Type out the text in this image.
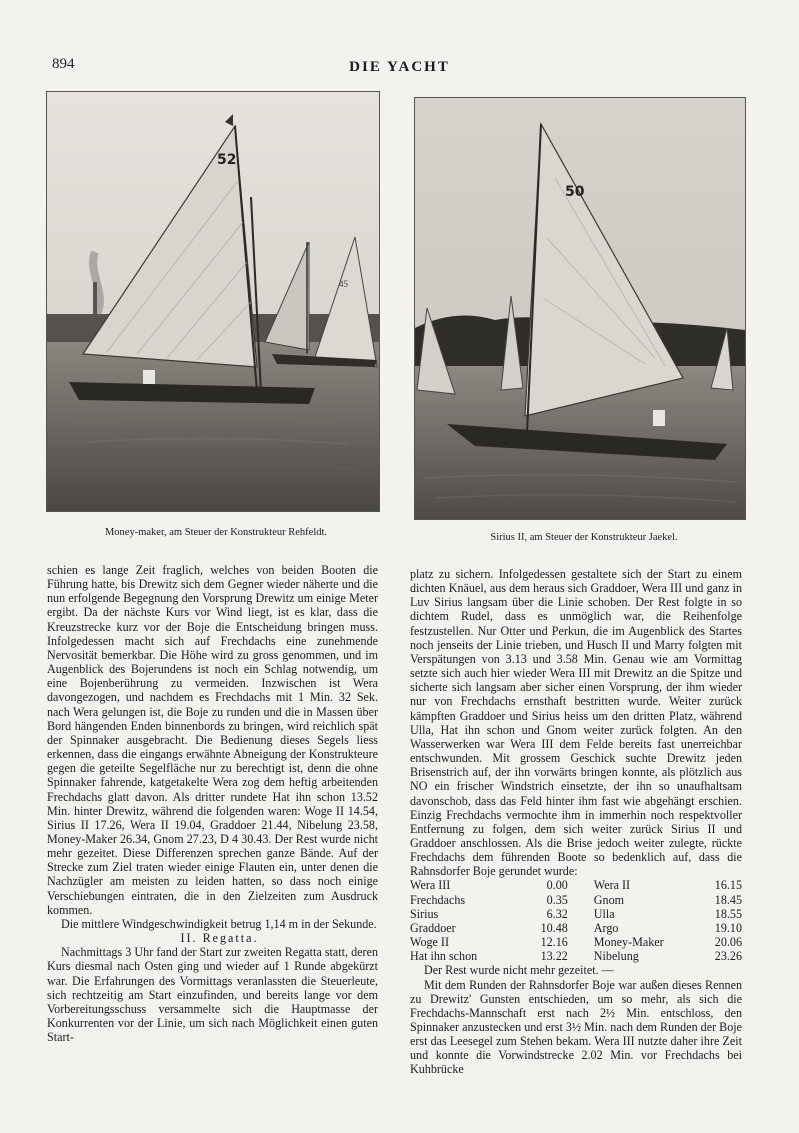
894	DIE YACHT
45
52
50
Money-maker, am Steuer der Konstrukteur Rehfeldt.	Sirius II, am Steuer der Konstrukteur Jaekel.

schien es lange Zeit fraglich, welches von beiden Booten die Führung hatte, bis Drewitz sich dem Gegner wieder näherte und die nun erfolgende Begegnung den Vorsprung Drewitz um einige Meter ergibt. Da der nächste Kurs vor Wind liegt, ist es klar, dass die Kreuzstrecke kurz vor der Boje die Entscheidung bringen muss. Infolgedessen macht sich auf Frechdachs eine zunehmende Nervosität bemerkbar. Die Höhe wird zu gross genommen, und im Augenblick des Bojerundens ist noch ein Schlag notwendig, um eine Bojenberührung zu vermeiden. Inzwischen ist Wera davongezogen, und nachdem es Frechdachs mit 1 Min. 32 Sek. nach Wera gelungen ist, die Boje zu runden und die in Massen über Bord hängenden Enden binnenbords zu bringen, wird reichlich spät der Spinnaker ausgebracht. Die Bedienung dieses Segels liess erkennen, dass die eingangs erwähnte Abneigung der Konstrukteure gegen die geteilte Segelfläche nur zu berechtigt ist, denn die ohne Spinnaker fahrende, katgetakelte Wera zog dem heftig arbeitenden Frechdachs glatt davon. Als dritter rundete Hat ihn schon 13.52 Min. hinter Drewitz, während die folgenden waren: Woge II 14.54, Sirius II 17.26, Wera II 19.04, Graddoer 21.44, Nibelung 23.58, Money-Maker 26.34, Gnom 27.23, D 4 30.43. Der Rest wurde nicht mehr gezeitet. Diese Differenzen sprechen ganze Bände. Auf der Strecke zum Ziel traten wieder einige Flauten ein, unter denen die Nachzügler am meisten zu leiden hatten, so dass noch einige Verschiebungen eintraten, die in den Zielzeiten zum Ausdruck kommen.

Die mittlere Windgeschwindigkeit betrug 1,14 m in der Sekunde.

II. Regatta.

Nachmittags 3 Uhr fand der Start zur zweiten Regatta statt, deren Kurs diesmal nach Osten ging und wieder auf 1 Runde abgekürzt war. Die Erfahrungen des Vormittags veranlassten die Steuerleute, sich rechtzeitig am Start einzufinden, und bereits lange vor dem Vorbereitungsschuss versammelte sich die Hauptmasse der Konkurrenten vor der Linie, um sich nach Möglichkeit einen guten Start-

platz zu sichern. Infolgedessen gestaltete sich der Start zu einem dichten Knäuel, aus dem heraus sich Graddoer, Wera III und ganz in Luv Sirius langsam über die Linie schoben. Der Rest folgte in so dichtem Rudel, dass es unmöglich war, die Reihenfolge festzustellen. Nur Otter und Perkun, die im Augenblick des Startes noch jenseits der Linie trieben, und Husch II und Marry folgten mit Verspätungen von 3.13 und 3.58 Min. Genau wie am Vormittag setzte sich auch hier wieder Wera III mit Drewitz an die Spitze und sicherte sich langsam aber sicher einen Vorsprung, der ihm wieder nur von Frechdachs ernsthaft bestritten wurde. Weiter zurück kämpften Graddoer und Sirius heiss um den dritten Platz, während Ulla, Hat ihn schon und Gnom weiter zurück folgten. An den Wasserwerken war Wera III dem Felde bereits fast unerreichbar entschwunden. Mit grossem Geschick suchte Drewitz jeden Brisenstrich auf, der ihn vorwärts bringen konnte, als plötzlich aus NO ein frischer Windstrich einsetzte, der ihn so unaufhaltsam davonschob, dass das Feld hinter ihm fast wie abgehängt erschien. Einzig Frechdachs vermochte ihm in immerhin noch respektvoller Entfernung zu folgen, dem sich weiter zurück Sirius II und Graddoer anschlossen. Als die Brise jedoch weiter zulegte, rückte Frechdachs dem führenden Boote so bedenklich auf, dass die Rahnsdorfer Boje gerundet wurde:

Wera III	0.00	Wera II	16.15
Frechdachs	0.35	Gnom	18.45
Sirius	6.32	Ulla	18.55
Graddoer	10.48	Argo	19.10
Woge II	12.16	Money-Maker	20.06
Hat ihn schon	13.22	Nibelung	23.26

Der Rest wurde nicht mehr gezeitet. —

Mit dem Runden der Rahnsdorfer Boje war außen dieses Rennen zu Drewitz' Gunsten entschieden, um so mehr, als sich die Frechdachs-Mannschaft erst nach 2½ Min. entschloss, den Spinnaker anzustecken und erst 3½ Min. nach dem Runden der Boje erst das Leesegel zum Stehen bekam. Wera III nutzte daher ihre Zeit und konnte die Vorwindstrecke 2.02 Min. vor Frechdachs bei Kuhbrücke
